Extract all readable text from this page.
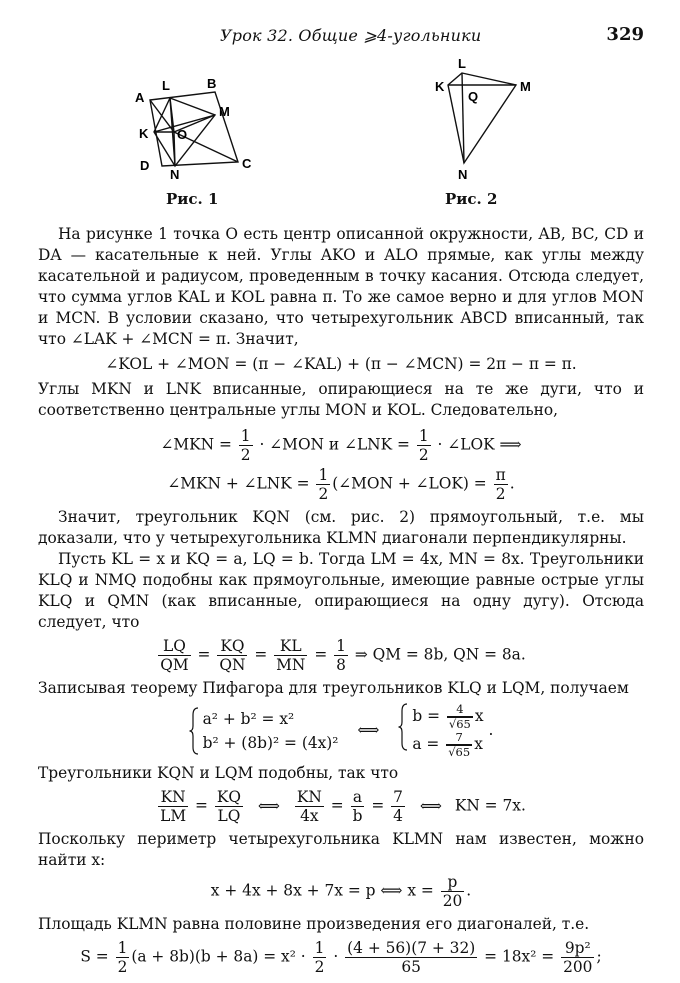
Урок 32. Общие ⩾4-угольники	329
A
L	B
M
K O
D
N
C
Рис. 1
L
K
Q
M
N
Рис. 2

На рисунке 1 точка O есть центр описанной окружности, AB, BC, CD и DA — касательные к ней. Углы AKO и ALO прямые, как углы между касательной и радиусом, проведенным в точку касания. Отсюда следует, что сумма углов KAL и KOL равна π. То же самое верно и для углов MON и MCN. В условии сказано, что четырехугольник ABCD вписанный, так что ∠LAK + ∠MCN = π. Значит,

∠KOL + ∠MON = (π − ∠KAL) + (π − ∠MCN) = 2π − π = π.

Углы MKN и LNK вписанные, опирающиеся на те же дуги, что и соответственно центральные углы MON и KOL. Следовательно,

∠MKN = $\frac{1}{2}$ · ∠MON и ∠LNK = $\frac{1}{2}$ · ∠LOK ⟹
∠MKN + ∠LNK = $\frac{1}{2}$ (∠MON + ∠LOK) = $\frac{\pi}{2}$ .

Значит, треугольник KQN (см. рис. 2) прямоугольный, т.е. мы доказали, что у четырехугольника KLMN диагонали перпендикулярны.

Пусть KL = x и KQ = a, LQ = b. Тогда LM = 4x, MN = 8x. Треугольники KLQ и NMQ подобны как прямоугольные, имеющие равные острые углы KLQ и QMN (как вписанные, опирающиеся на одну дугу). Отсюда следует, что

$\frac{LQ}{QM} = \frac{KQ}{QN} = \frac{KL}{MN} = \frac{1}{8}$ ⇒ QM = 8b, QN = 8a.

Записывая теорему Пифагора для треугольников KLQ и LQM, получаем

a² + b² = x²
b² + (8b)² = (4x)²
⟺
$b = \frac{4}{√65}$ x
$a = \frac{7}{√65}$ x
.

Треугольники KQN и LQM подобны, так что

$\frac{KN}{LM} = \frac{KQ}{LQ}$ ⟺ $\frac{KN}{4x} = \frac{a}{b} = \frac{7}{4}$ ⟺ KN = 7x.

Поскольку периметр четырехугольника KLMN нам известен, можно найти x:

x + 4x + 8x + 7x = p ⟺ $x = \frac{p}{20}$ .

Площадь KLMN равна половине произведения его диагоналей, т.е.

$S = \frac{1}{2} (a + 8b)(b + 8a) = x^2 \cdot \frac{1}{2} \cdot \frac{(4 + 56)(7 + 32)}{65} = 18x^2 = \frac{\text{9p²}}{200}$ ;
